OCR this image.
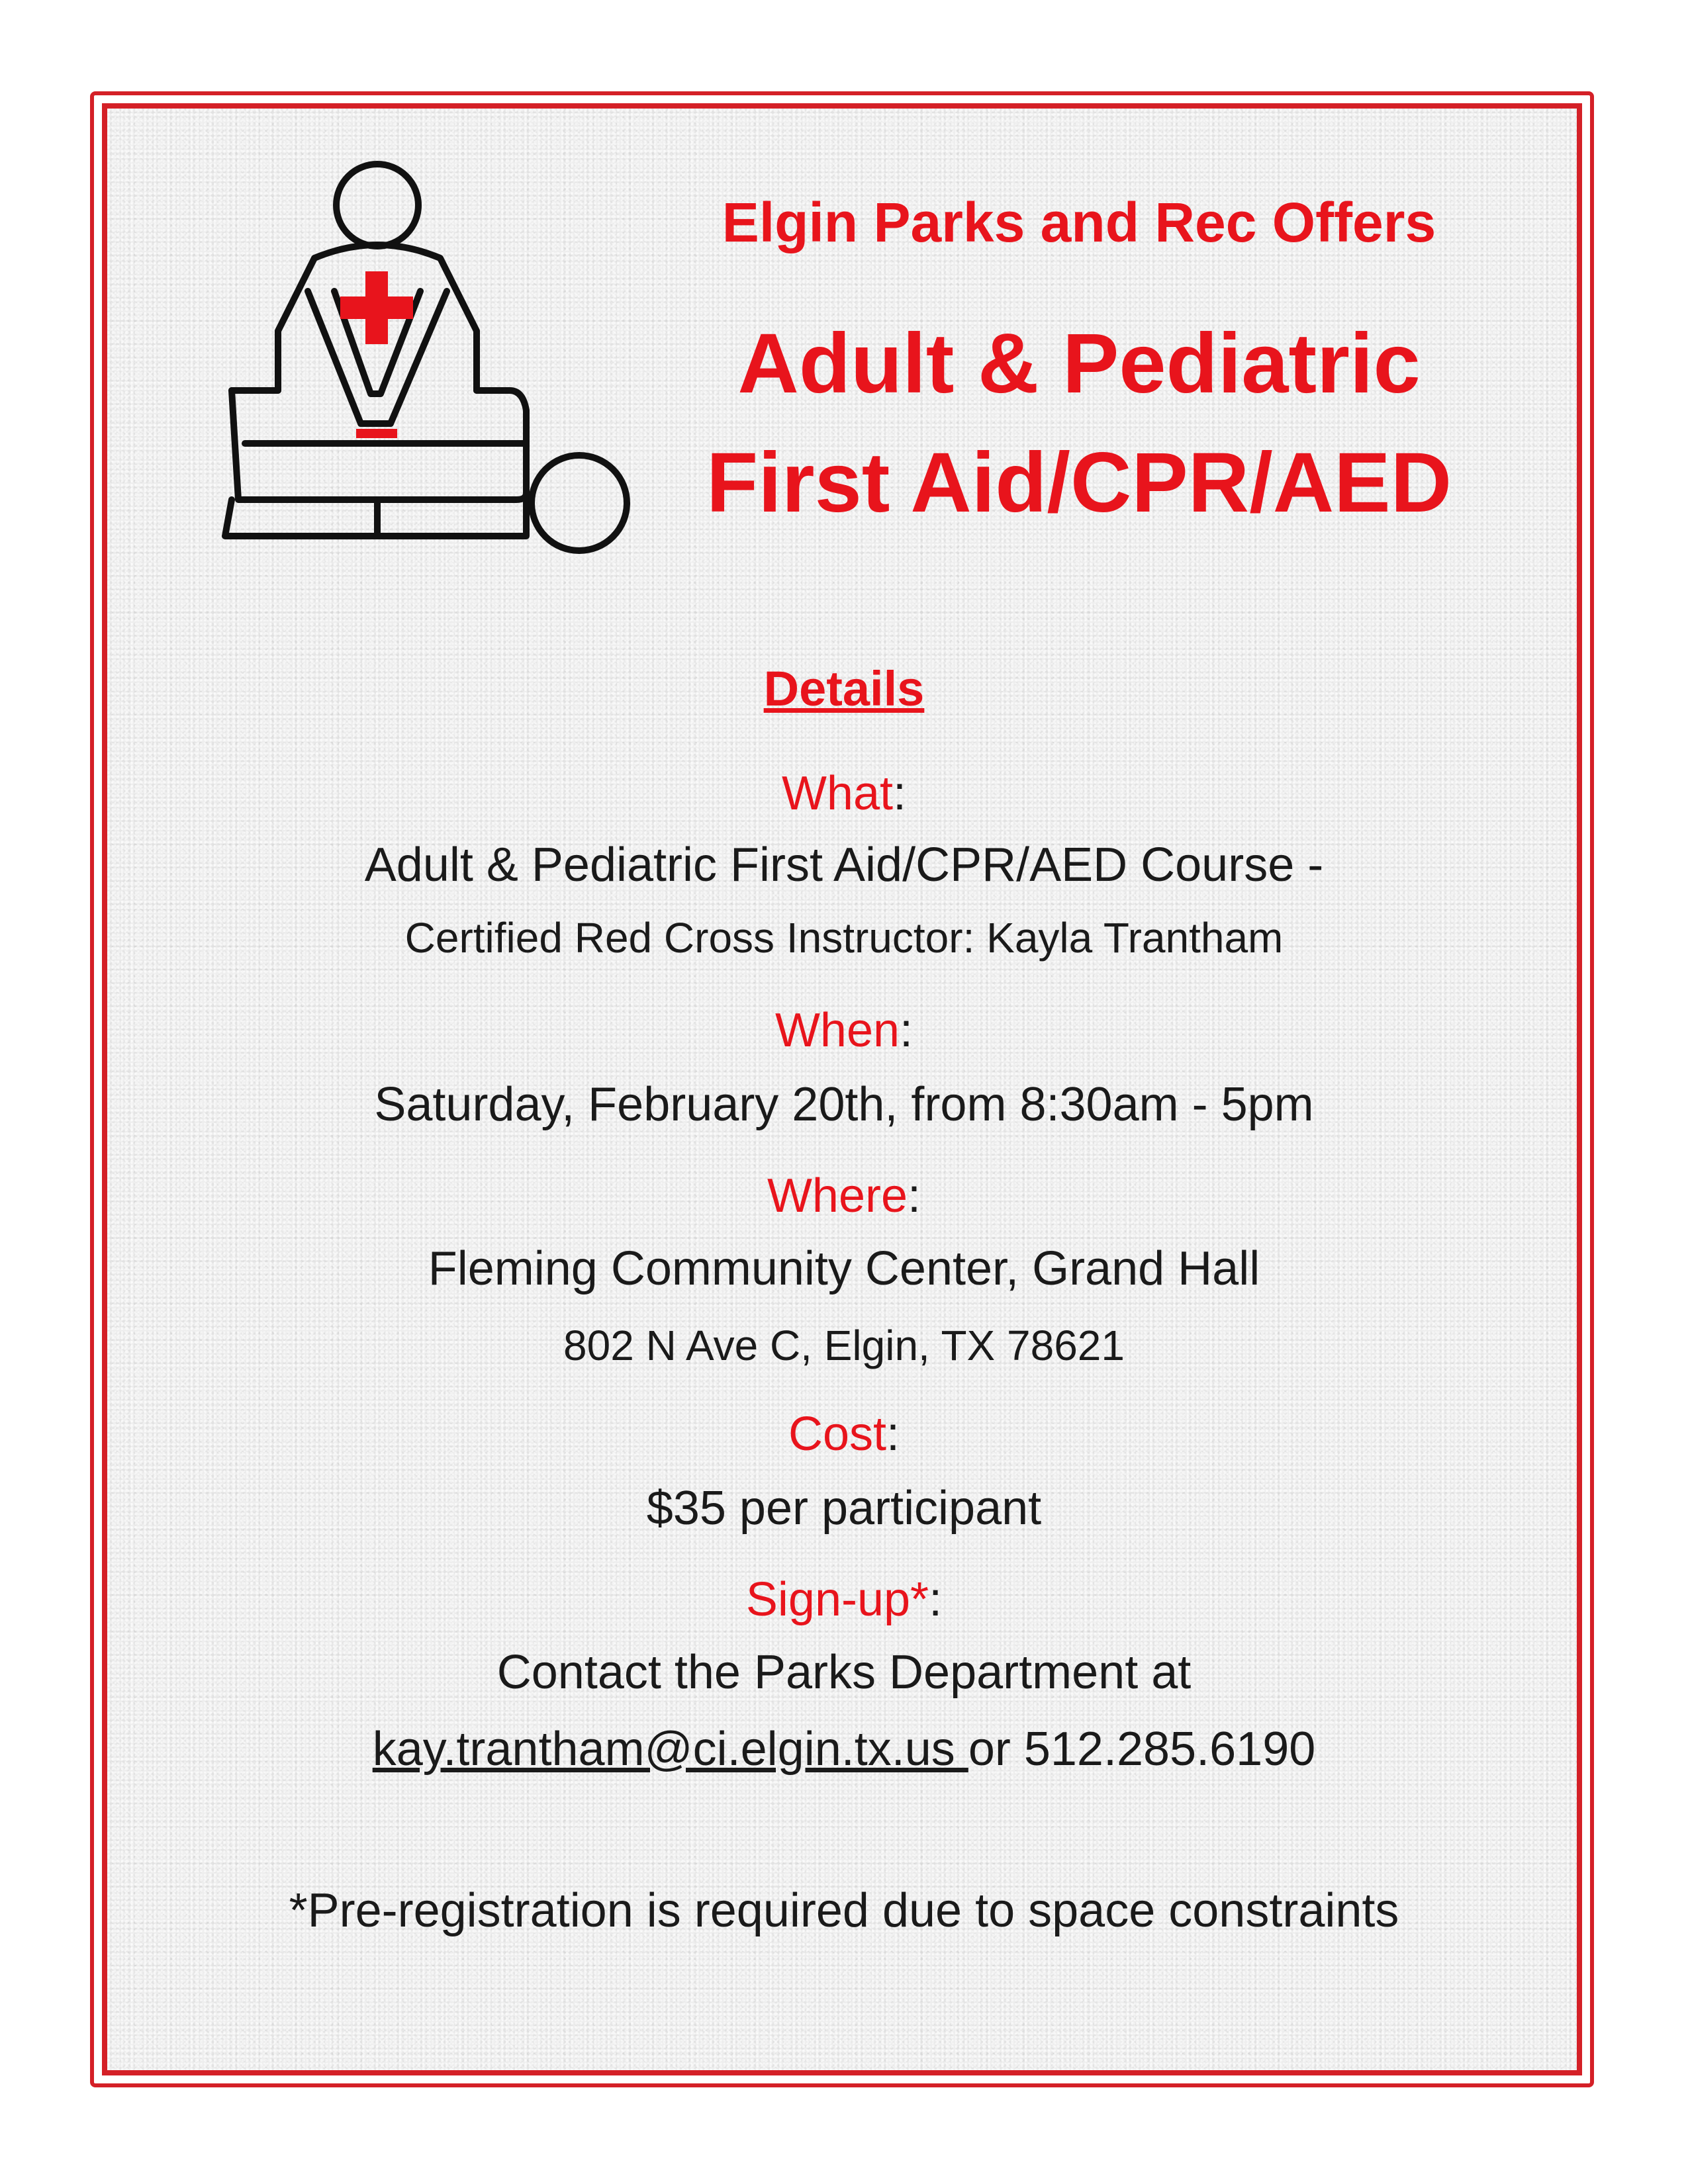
Elgin Parks and Rec Offers
Adult & Pediatric
First Aid/CPR/AED
Details
What:
Adult & Pediatric First Aid/CPR/AED Course -
Certified Red Cross Instructor: Kayla Trantham
When:
Saturday, February 20th, from 8:30am - 5pm
Where:
Fleming Community Center, Grand Hall
802 N Ave C, Elgin, TX 78621
Cost:
$35 per participant
Sign-up*:
Contact the Parks Department at
kay.trantham@ci.elgin.tx.us or 512.285.6190
*Pre-registration is required due to space constraints
